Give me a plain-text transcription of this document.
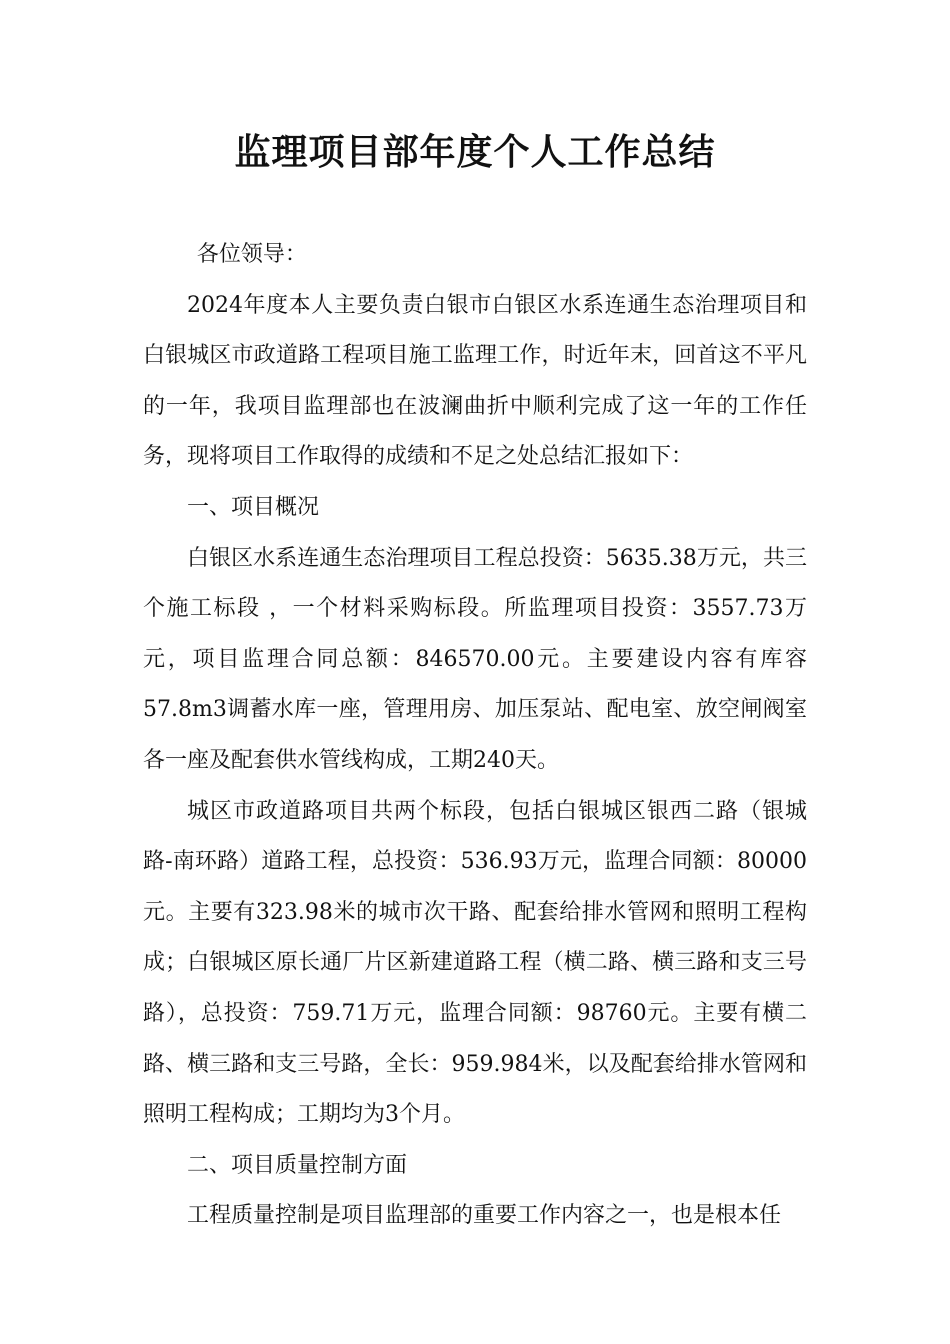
监理项目部年度个人工作总结

各位领导：

2024年度本人主要负责白银市白银区水系连通生态治理项目和白银城区市政道路工程项目施工监理工作，时近年末，回首这不平凡的一年，我项目监理部也在波澜曲折中顺利完成了这一年的工作任务，现将项目工作取得的成绩和不足之处总结汇报如下：

一、项目概况

白银区水系连通生态治理项目工程总投资：5635.38万元，共三个施工标段 ，一个材料采购标段。所监理项目投资：3557.73万元，项目监理合同总额：846570.00元。主要建设内容有库容57.8m3调蓄水库一座，管理用房、加压泵站、配电室、放空闸阀室各一座及配套供水管线构成，工期240天。

城区市政道路项目共两个标段，包括白银城区银西二路（银城路-南环路）道路工程，总投资：536.93万元，监理合同额：80000元。主要有323.98米的城市次干路、配套给排水管网和照明工程构成；白银城区原长通厂片区新建道路工程（横二路、横三路和支三号路），总投资：759.71万元，监理合同额：98760元。主要有横二路、横三路和支三号路，全长：959.984米，以及配套给排水管网和照明工程构成；工期均为3个月。

二、项目质量控制方面

工程质量控制是项目监理部的重要工作内容之一，也是根本任
